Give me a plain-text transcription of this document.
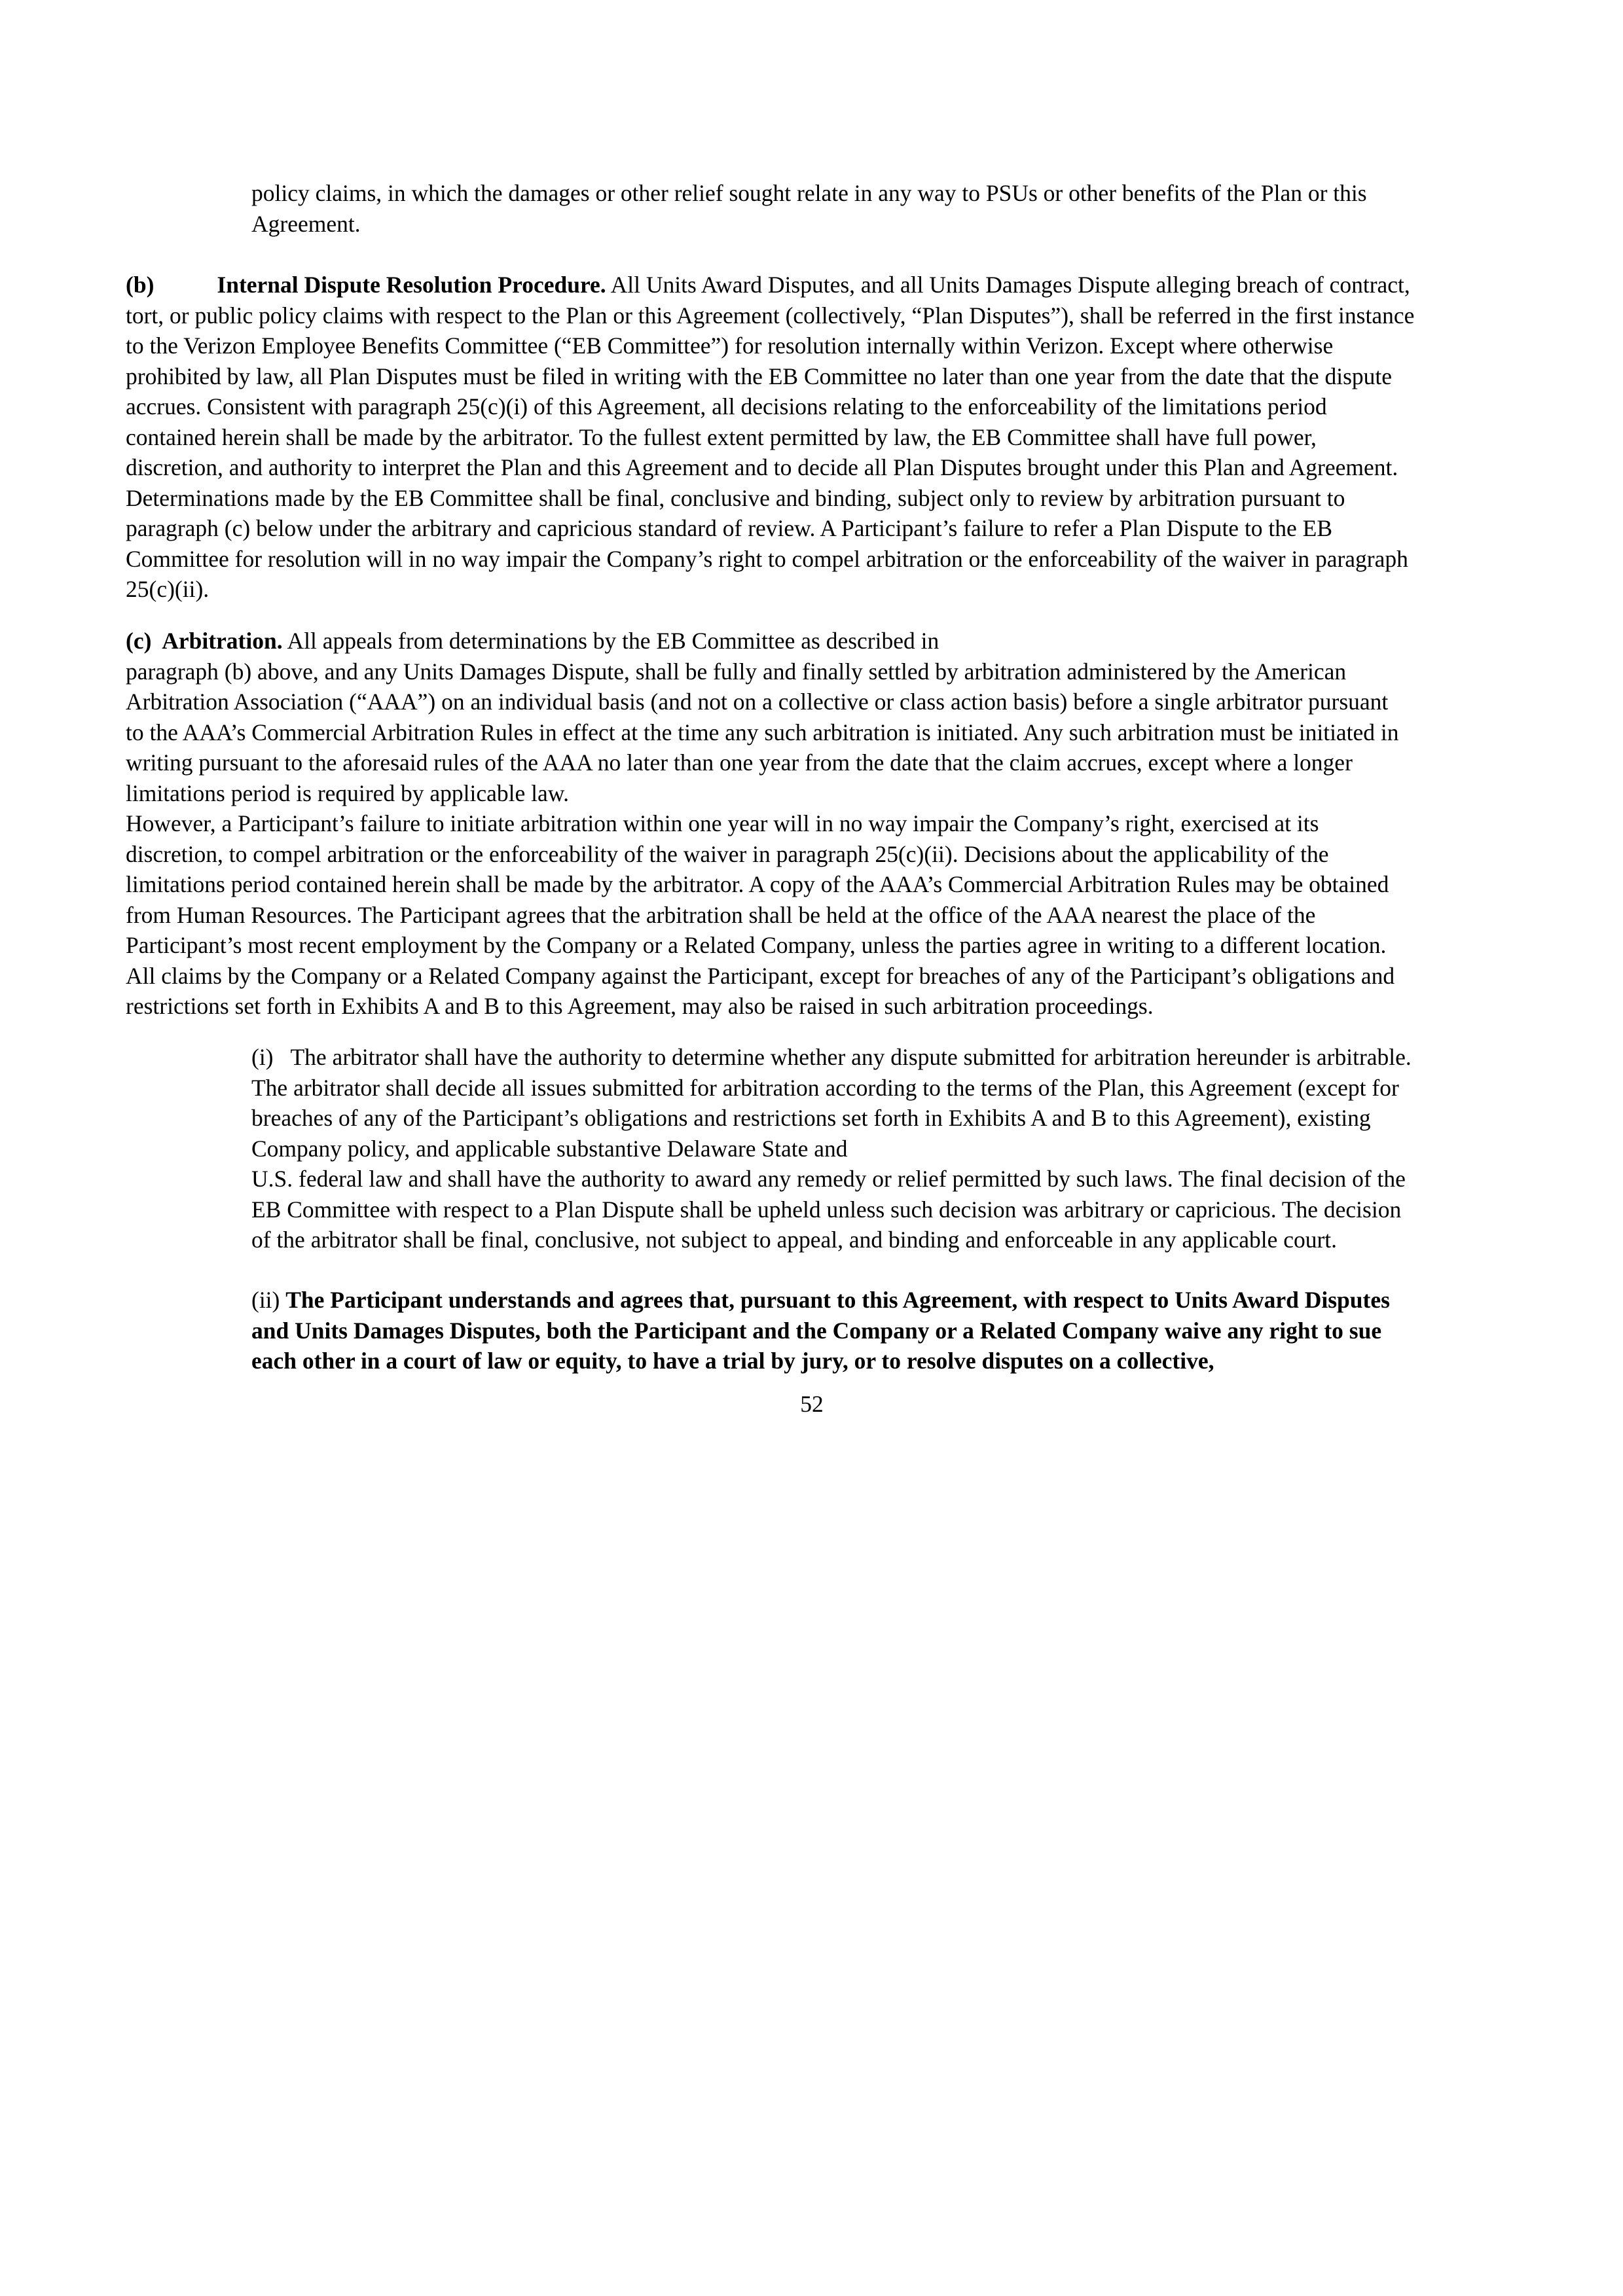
policy claims, in which the damages or other relief sought relate in any way to PSUs or other benefits of the Plan or this
Agreement.
(b)	Internal Dispute Resolution Procedure. All Units Award Disputes, and all Units Damages Dispute alleging breach of contract,
tort, or public policy claims with respect to the Plan or this Agreement (collectively, “Plan Disputes”), shall be referred in the first instance
to the Verizon Employee Benefits Committee (“EB Committee”) for resolution internally within Verizon. Except where otherwise
prohibited by law, all Plan Disputes must be filed in writing with the EB Committee no later than one year from the date that the dispute
accrues. Consistent with paragraph 25(c)(i) of this Agreement, all decisions relating to the enforceability of the limitations period
contained herein shall be made by the arbitrator. To the fullest extent permitted by law, the EB Committee shall have full power,
discretion, and authority to interpret the Plan and this Agreement and to decide all Plan Disputes brought under this Plan and Agreement.
Determinations made by the EB Committee shall be final, conclusive and binding, subject only to review by arbitration pursuant to
paragraph (c) below under the arbitrary and capricious standard of review. A Participant’s failure to refer a Plan Dispute to the EB
Committee for resolution will in no way impair the Company’s right to compel arbitration or the enforceability of the waiver in paragraph
25(c)(ii).
(c)  Arbitration. All appeals from determinations by the EB Committee as described in
paragraph (b) above, and any Units Damages Dispute, shall be fully and finally settled by arbitration administered by the American
Arbitration Association (“AAA”) on an individual basis (and not on a collective or class action basis) before a single arbitrator pursuant
to the AAA’s Commercial Arbitration Rules in effect at the time any such arbitration is initiated. Any such arbitration must be initiated in
writing pursuant to the aforesaid rules of the AAA no later than one year from the date that the claim accrues, except where a longer
limitations period is required by applicable law.
However, a Participant’s failure to initiate arbitration within one year will in no way impair the Company’s right, exercised at its
discretion, to compel arbitration or the enforceability of the waiver in paragraph 25(c)(ii). Decisions about the applicability of the
limitations period contained herein shall be made by the arbitrator. A copy of the AAA’s Commercial Arbitration Rules may be obtained
from Human Resources. The Participant agrees that the arbitration shall be held at the office of the AAA nearest the place of the
Participant’s most recent employment by the Company or a Related Company, unless the parties agree in writing to a different location.
All claims by the Company or a Related Company against the Participant, except for breaches of any of the Participant’s obligations and
restrictions set forth in Exhibits A and B to this Agreement, may also be raised in such arbitration proceedings.
(i)   The arbitrator shall have the authority to determine whether any dispute submitted for arbitration hereunder is arbitrable.
The arbitrator shall decide all issues submitted for arbitration according to the terms of the Plan, this Agreement (except for
breaches of any of the Participant’s obligations and restrictions set forth in Exhibits A and B to this Agreement), existing
Company policy, and applicable substantive Delaware State and
U.S. federal law and shall have the authority to award any remedy or relief permitted by such laws. The final decision of the
EB Committee with respect to a Plan Dispute shall be upheld unless such decision was arbitrary or capricious. The decision
of the arbitrator shall be final, conclusive, not subject to appeal, and binding and enforceable in any applicable court.
(ii) The Participant understands and agrees that, pursuant to this Agreement, with respect to Units Award Disputes
and Units Damages Disputes, both the Participant and the Company or a Related Company waive any right to sue
each other in a court of law or equity, to have a trial by jury, or to resolve disputes on a collective,
52
